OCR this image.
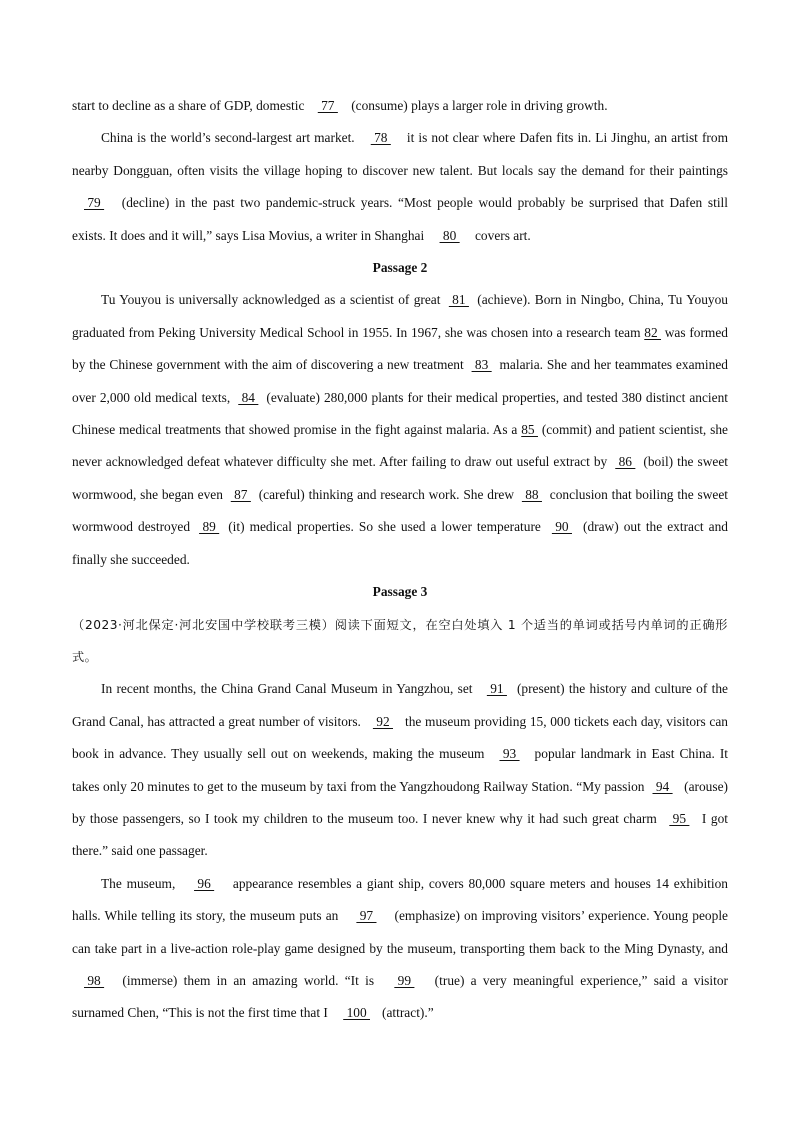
start to decline as a share of GDP, domestic  77  (consume) plays a larger role in driving growth.

China is the world’s second-largest art market.  78  it is not clear where Dafen fits in. Li Jinghu, an artist from nearby Dongguan, often visits the village hoping to discover new talent. But locals say the demand for their paintings  79  (decline) in the past two pandemic-struck years. “Most people would probably be surprised that Dafen still exists. It does and it will,” says Lisa Movius, a writer in Shanghai  80  covers art.

Passage 2

Tu Youyou is universally acknowledged as a scientist of great  81  (achieve). Born in Ningbo, China, Tu Youyou graduated from Peking University Medical School in 1955. In 1967, she was chosen into a research team 82  was formed by the Chinese government with the aim of discovering a new treatment  83  malaria. She and her teammates examined over 2,000 old medical texts,  84  (evaluate) 280,000 plants for their medical properties, and tested 380 distinct ancient Chinese medical treatments that showed promise in the fight against malaria. As a 85  (commit) and patient scientist, she never acknowledged defeat whatever difficulty she met. After failing to draw out useful extract by  86  (boil) the sweet wormwood, she began even  87  (careful) thinking and research work. She drew  88  conclusion that boiling the sweet wormwood destroyed  89  (it) medical properties. So she used a lower temperature  90  (draw) out the extract and finally she succeeded.

Passage 3

（2023·河北保定·河北安国中学校联考三模）阅读下面短文，在空白处填入 1 个适当的单词或括号内单词的正确形式。

In recent months, the China Grand Canal Museum in Yangzhou, set  91 (present) the history and culture of the Grand Canal, has attracted a great number of visitors. 92 the museum providing 15, 000 tickets each day, visitors can book in advance. They usually sell out on weekends, making the museum  93  popular landmark in East China. It takes only 20 minutes to get to the museum by taxi from the Yangzhoudong Railway Station. “My passion 94  (arouse) by those passengers, so I took my children to the museum too. I never knew why it had such great charm  95  I got there.” said one passager.

The museum,  96  appearance resembles a giant ship, covers 80,000 square meters and houses 14 exhibition halls. While telling its story, the museum puts an  97  (emphasize) on improving visitors’ experience. Young people can take part in a live-action role-play game designed by the museum, transporting them back to the Ming Dynasty, and 98  (immerse) them in an amazing world. “It is  99  (true) a very meaningful experience,” said a visitor surnamed Chen, “This is not the first time that I  100 (attract).”
